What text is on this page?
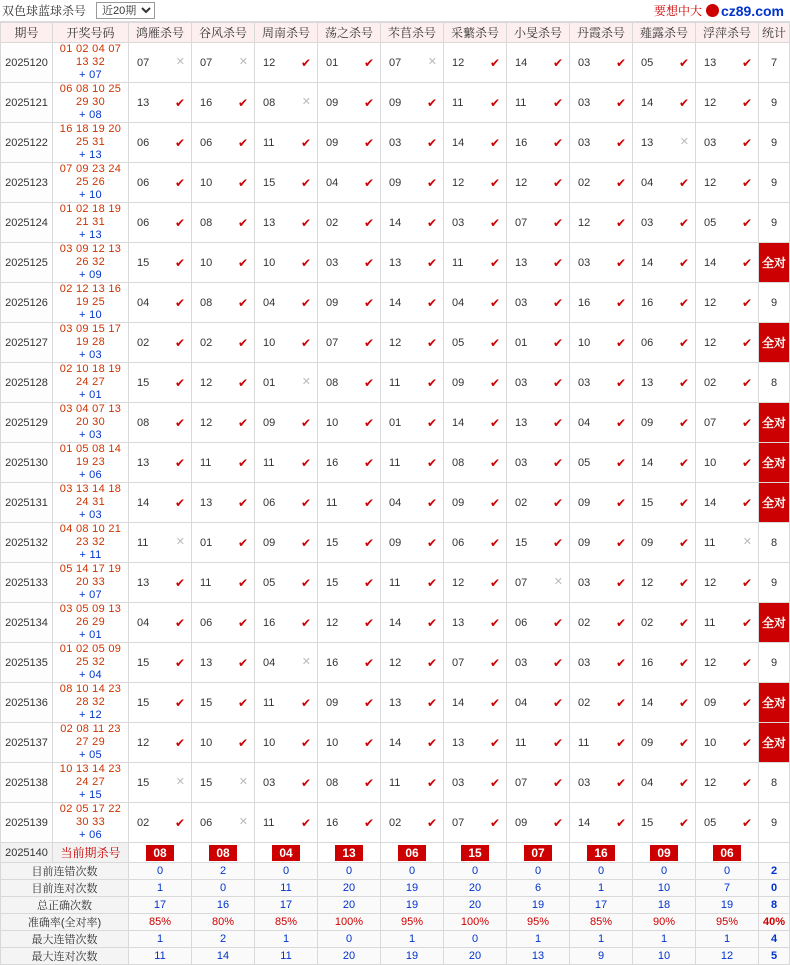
双色球蓝球杀号
近20期	要想中大 cz89.com
期号	开奖号码	鸿雁杀号	谷风杀号	周南杀号	荡之杀号	芣苢杀号	采蘩杀号	小旻杀号	丹霞杀号	薤露杀号	浮萍杀号	统计
2025120	01 02 04 07 13 32
+ 07	07 ✕	07 ✕	12 ✔	01 ✔	07 ✕	12 ✔	14 ✔	03 ✔	05 ✔	13 ✔	7
2025121	06 08 10 25 29 30
+ 08	13 ✔	16 ✔	08 ✕	09 ✔	09 ✔	11 ✔	11 ✔	03 ✔	14 ✔	12 ✔	9
2025122	16 18 19 20 25 31
+ 13	06 ✔	06 ✔	11 ✔	09 ✔	03 ✔	14 ✔	16 ✔	03 ✔	13 ✕	03 ✔	9
2025123	07 09 23 24 25 26
+ 10	06 ✔	10 ✔	15 ✔	04 ✔	09 ✔	12 ✔	12 ✔	02 ✔	04 ✔	12 ✔	9
2025124	01 02 18 19 21 31
+ 13	06 ✔	08 ✔	13 ✔	02 ✔	14 ✔	03 ✔	07 ✔	12 ✔	03 ✔	05 ✔	9
2025125	03 09 12 13 26 32
+ 09	15 ✔	10 ✔	10 ✔	03 ✔	13 ✔	11 ✔	13 ✔	03 ✔	14 ✔	14 ✔	全对
2025126	02 12 13 16 19 25
+ 10	04 ✔	08 ✔	04 ✔	09 ✔	14 ✔	04 ✔	03 ✔	16 ✔	16 ✔	12 ✔	9
2025127	03 09 15 17 19 28
+ 03	02 ✔	02 ✔	10 ✔	07 ✔	12 ✔	05 ✔	01 ✔	10 ✔	06 ✔	12 ✔	全对
2025128	02 10 18 19 24 27
+ 01	15 ✔	12 ✔	01 ✕	08 ✔	11 ✔	09 ✔	03 ✔	03 ✔	13 ✔	02 ✔	8
2025129	03 04 07 13 20 30
+ 03	08 ✔	12 ✔	09 ✔	10 ✔	01 ✔	14 ✔	13 ✔	04 ✔	09 ✔	07 ✔	全对
2025130	01 05 08 14 19 23
+ 06	13 ✔	11 ✔	11 ✔	16 ✔	11 ✔	08 ✔	03 ✔	05 ✔	14 ✔	10 ✔	全对
2025131	03 13 14 18 24 31
+ 03	14 ✔	13 ✔	06 ✔	11 ✔	04 ✔	09 ✔	02 ✔	09 ✔	15 ✔	14 ✔	全对
2025132	04 08 10 21 23 32
+ 11	11 ✕	01 ✔	09 ✔	15 ✔	09 ✔	06 ✔	15 ✔	09 ✔	09 ✔	11 ✕	8
2025133	05 14 17 19 20 33
+ 07	13 ✔	11 ✔	05 ✔	15 ✔	11 ✔	12 ✔	07 ✕	03 ✔	12 ✔	12 ✔	9
2025134	03 05 09 13 26 29
+ 01	04 ✔	06 ✔	16 ✔	12 ✔	14 ✔	13 ✔	06 ✔	02 ✔	02 ✔	11 ✔	全对
2025135	01 02 05 09 25 32
+ 04	15 ✔	13 ✔	04 ✕	16 ✔	12 ✔	07 ✔	03 ✔	03 ✔	16 ✔	12 ✔	9
2025136	08 10 14 23 28 32
+ 12	15 ✔	15 ✔	11 ✔	09 ✔	13 ✔	14 ✔	04 ✔	02 ✔	14 ✔	09 ✔	全对
2025137	02 08 11 23 27 29
+ 05	12 ✔	10 ✔	10 ✔	10 ✔	14 ✔	13 ✔	11 ✔	11 ✔	09 ✔	10 ✔	全对
2025138	10 13 14 23 24 27
+ 15	15 ✕	15 ✕	03 ✔	08 ✔	11 ✔	03 ✔	07 ✔	03 ✔	04 ✔	12 ✔	8
2025139	02 05 17 22 30 33
+ 06	02 ✔	06 ✕	11 ✔	16 ✔	02 ✔	07 ✔	09 ✔	14 ✔	15 ✔	05 ✔	9
2025140	当前期杀号	08	08	04	13	06	15	07	16	09	06	
目前连错次数		0	2	0	0	0	0	0	0	0	0	2
目前连对次数		1	0	11	20	19	20	6	1	10	7	0
总正确次数		17	16	17	20	19	20	19	17	18	19	8
准确率(全对率)		85%	80%	85%	100%	95%	100%	95%	85%	90%	95%	40%
最大连错次数		1	2	1	0	1	0	1	1	1	1	4
最大连对次数		11	14	11	20	19	20	13	9	10	12	5
